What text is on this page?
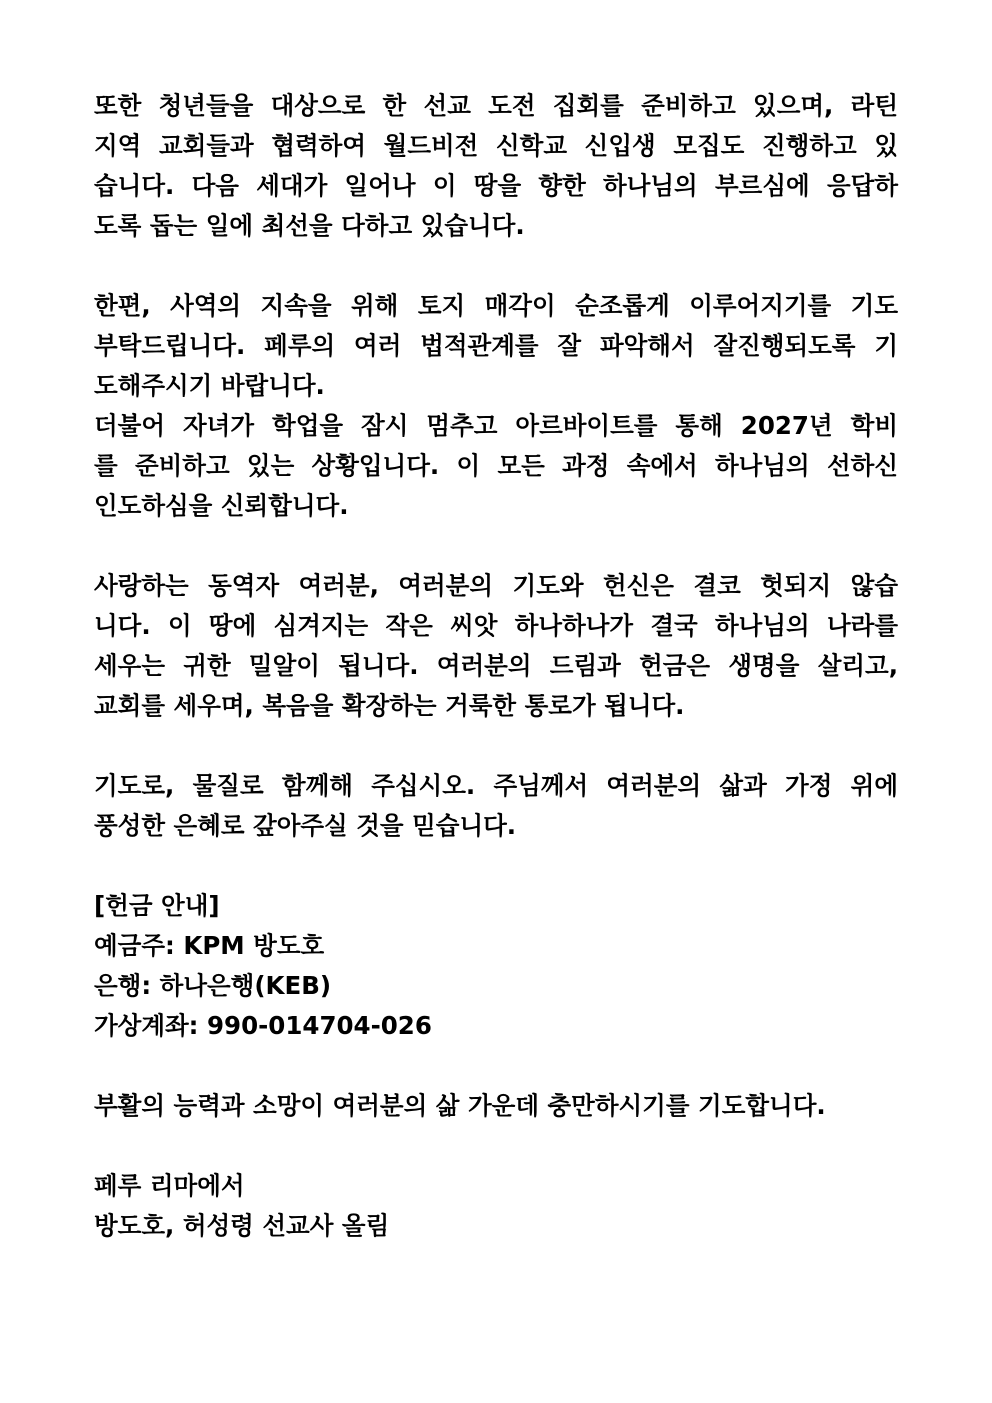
또한 청년들을 대상으로 한 선교 도전 집회를 준비하고 있으며, 라틴
지역 교회들과 협력하여 월드비전 신학교 신입생 모집도 진행하고 있
습니다. 다음 세대가 일어나 이 땅을 향한 하나님의 부르심에 응답하
도록 돕는 일에 최선을 다하고 있습니다.
한편, 사역의 지속을 위해 토지 매각이 순조롭게 이루어지기를 기도
부탁드립니다. 페루의 여러 법적관계를 잘 파악해서 잘진행되도록 기
도해주시기 바랍니다.
더불어 자녀가 학업을 잠시 멈추고 아르바이트를 통해 2027년 학비
를 준비하고 있는 상황입니다. 이 모든 과정 속에서 하나님의 선하신
인도하심을 신뢰합니다.
사랑하는 동역자 여러분, 여러분의 기도와 헌신은 결코 헛되지 않습
니다. 이 땅에 심겨지는 작은 씨앗 하나하나가 결국 하나님의 나라를
세우는 귀한 밀알이 됩니다. 여러분의 드림과 헌금은 생명을 살리고,
교회를 세우며, 복음을 확장하는 거룩한 통로가 됩니다.
기도로, 물질로 함께해 주십시오. 주님께서 여러분의 삶과 가정 위에
풍성한 은혜로 갚아주실 것을 믿습니다.
[헌금 안내]
예금주: KPM 방도호
은행: 하나은행(KEB)
가상계좌: 990-014704-026
부활의 능력과 소망이 여러분의 삶 가운데 충만하시기를 기도합니다.
페루 리마에서
방도호, 허성령 선교사 올림
